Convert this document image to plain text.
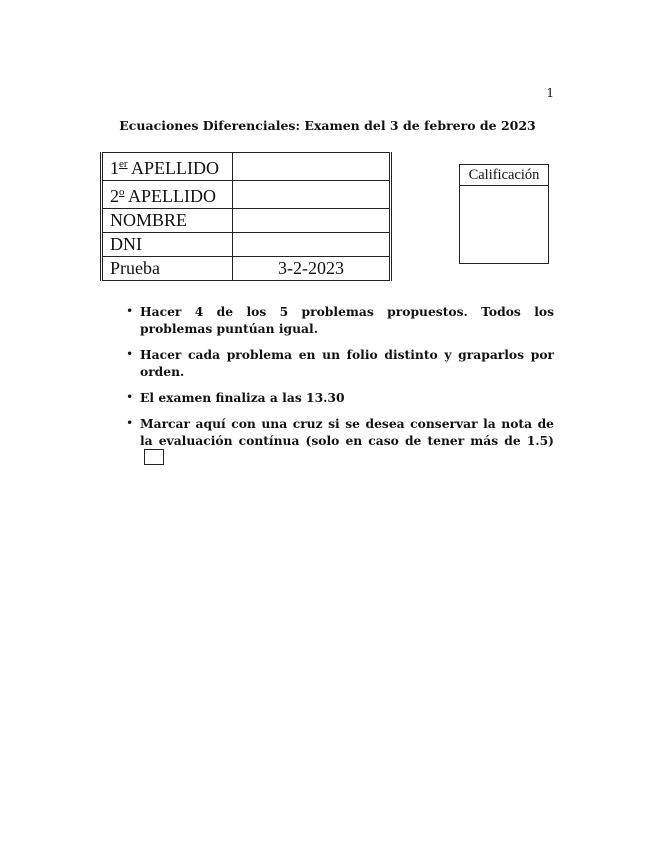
1
Ecuaciones Diferenciales: Examen del 3 de febrero de 2023
1er APELLIDO	
2$^o$ APELLIDO	
NOMBRE	
DNI	
Prueba	3-2-2023
Calificación
• Hacer 4 de los 5 problemas propuestos. Todos los problemas puntúan igual.
• Hacer cada problema en un folio distinto y graparlos por orden.
• El examen finaliza a las 13.30
• Marcar aquí con una cruz si se desea conservar la nota de la evaluación contínua (solo en caso de tener más de 1.5)
